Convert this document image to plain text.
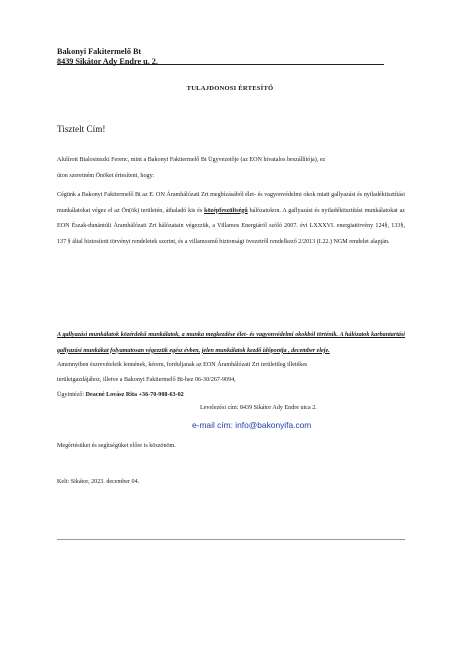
Bakonyi Fakitermelő Bt
8439 Sikátor Ady Endre u. 2.
TULAJDONOSI ÉRTESÍTŐ
Tisztelt Cím!
Alulírott Bialosinszki Ferenc, mint a Bakonyi Fakitermelő Bt Ügyvezetője (az EON hivatalos beszállítója), ez
úton szeretném Önöket értesíteni, hogy:
Cégünk a Bakonyi Fakitermelő Bt az E. ON Áramhálózati Zrt megbízásából élet- és vagyonvédelmi okok miatt gallyazási és nyiladéktisztítási munkálatokat végez el az Ön(ök) területén, áthaladó kis és középfeszültségű hálózatokon. A gallyazási és nyiladéktisztítási munkálatokat az EON Észak-dunántúli Áramhálózati Zrt hálózatain végezzük, a Villamos Energiáról szóló 2007. évi LXXXVI. energiatörvény 124§, 133§, 137 § által biztosított törvényi rendeletek szerint, és a villamosmű biztonsági övezetről rendelkező 2/2013 (I.22.) NGM rendelet alapján.
A gallyazási munkálatok közérdekű munkálatok, a munka megkezdése élet- és vagyonvédelmi okokból történik. A hálózatok karbantartási gallyazási munkákat folyamatosan végezzük egész évben, jelen munkálatok kezdő időpontja , december eleje.
Amennyiben észrevételeik lennének, kérem, forduljanak az EON Áramhálózati Zrt területileg illetékes
területgazdájához, illetve a Bakonyi Fakitermelő Bt-hez 06-30/267-9094,
Ügyintéző: Deacné Lovász Rita +36-70-908-63-02
Levelezési cím: 8439 Sikátor Ady Endre utca 2.
e-mail cím: info@bakonyifa.com
Megértésüket és segítségüket előre is köszönöm.
Kelt: Sikátor, 2023. december 04.
